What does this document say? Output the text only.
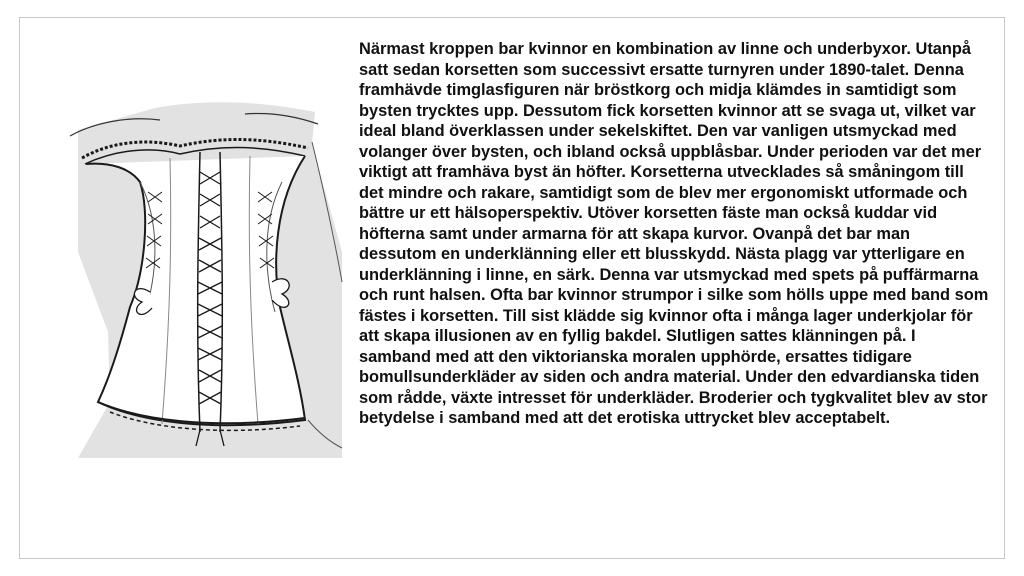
Närmast kroppen bar kvinnor en kombination av linne och underbyxor. Utanpå satt sedan korsetten som successivt ersatte turnyren under 1890-talet. Denna framhävde timglasfiguren när bröstkorg och midja klämdes in samtidigt som bysten trycktes upp. Dessutom fick korsetten kvinnor att se svaga ut, vilket var ideal bland överklassen under sekelskiftet. Den var vanligen utsmyckad med volanger över bysten, och ibland också uppblåsbar. Under perioden var det mer viktigt att framhäva byst än höfter. Korsetterna utvecklades så småningom till det mindre och rakare, samtidigt som de blev mer ergonomiskt utformade och bättre ur ett hälsoperspektiv. Utöver korsetten fäste man också kuddar vid höfterna samt under armarna för att skapa kurvor. Ovanpå det bar man dessutom en underklänning eller ett blusskydd. Nästa plagg var ytterligare en underklänning i linne, en särk. Denna var utsmyckad med spets på puffärmarna och runt halsen. Ofta bar kvinnor strumpor i silke som hölls uppe med band som fästes i korsetten. Till sist klädde sig kvinnor ofta i många lager underkjolar för att skapa illusionen av en fyllig bakdel. Slutligen sattes klänningen på. I samband med att den viktorianska moralen upphörde, ersattes tidigare bomullsunderkläder av siden och andra material. Under den edvardianska tiden som rådde, växte intresset för underkläder. Broderier och tygkvalitet blev av stor betydelse i samband med att det erotiska uttrycket blev acceptabelt.
